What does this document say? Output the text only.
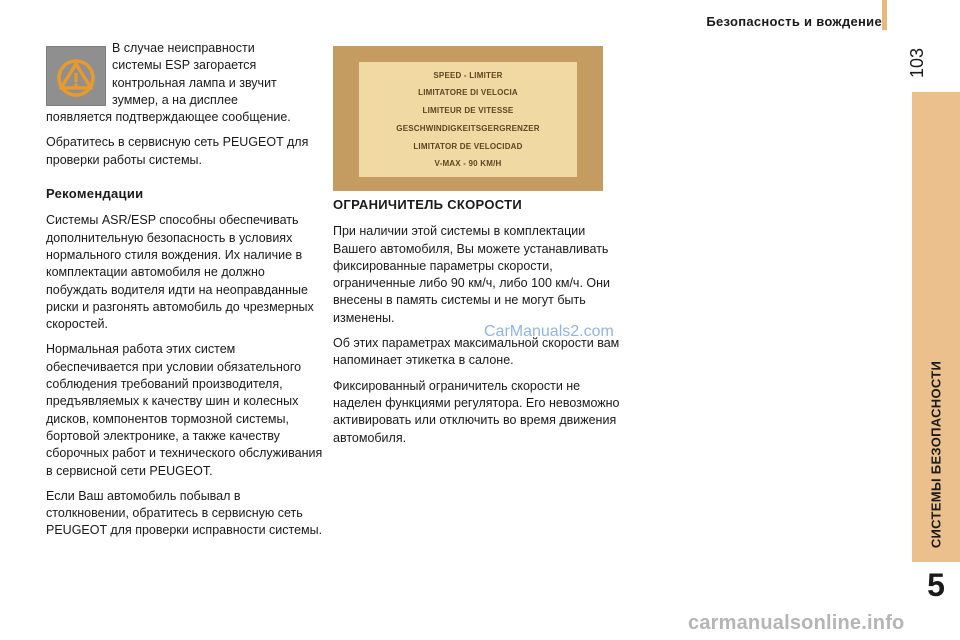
Безопасность и вождение
103
СИСТЕМЫ БЕЗОПАСНОСТИ
5

В случае неисправности
системы ESP загорается
контрольная лампа и звучит
зуммер, а на дисплее
появляется подтверждающее сообщение.

Обратитесь в сервисную сеть PEUGEOT для проверки работы системы.

Рекомендации

Системы ASR/ESP способны обеспечивать дополнительную безопасность в условиях нормального стиля вождения. Их наличие в комплектации автомобиля не должно побуждать водителя идти на неоправданные риски и разгонять автомобиль до чрезмерных скоростей.

Нормальная работа этих систем обеспечивается при условии обязательного соблюдения требований производителя, предъявляемых к качеству шин и колесных дисков, компонентов тормозной системы, бортовой электронике, а также качеству сборочных работ и технического обслуживания в сервисной сети PEUGEOT.

Если Ваш автомобиль побывал в столкновении, обратитесь в сервисную сеть PEUGEOT для проверки исправности системы.

SPEED - LIMITER
LIMITATORE DI VELOCIA
LIMITEUR DE VITESSE
GESCHWINDIGKEITSGERGRENZER
LIMITATOR DE VELOCIDAD
V-MAX - 90 KM/H
ОГРАНИЧИТЕЛЬ СКОРОСТИ

При наличии этой системы в комплектации Вашего автомобиля, Вы можете устанавливать фиксированные параметры скорости, ограниченные либо 90 км/ч, либо 100 км/ч. Они внесены в память системы и не могут быть изменены.

Об этих параметрах максимальной скорости вам напоминает этикетка в салоне.

Фиксированный ограничитель скорости не наделен функциями регулятора. Его невозможно активировать или отключить во время движения автомобиля.

CarManuals2.com
carmanualsonline.info
